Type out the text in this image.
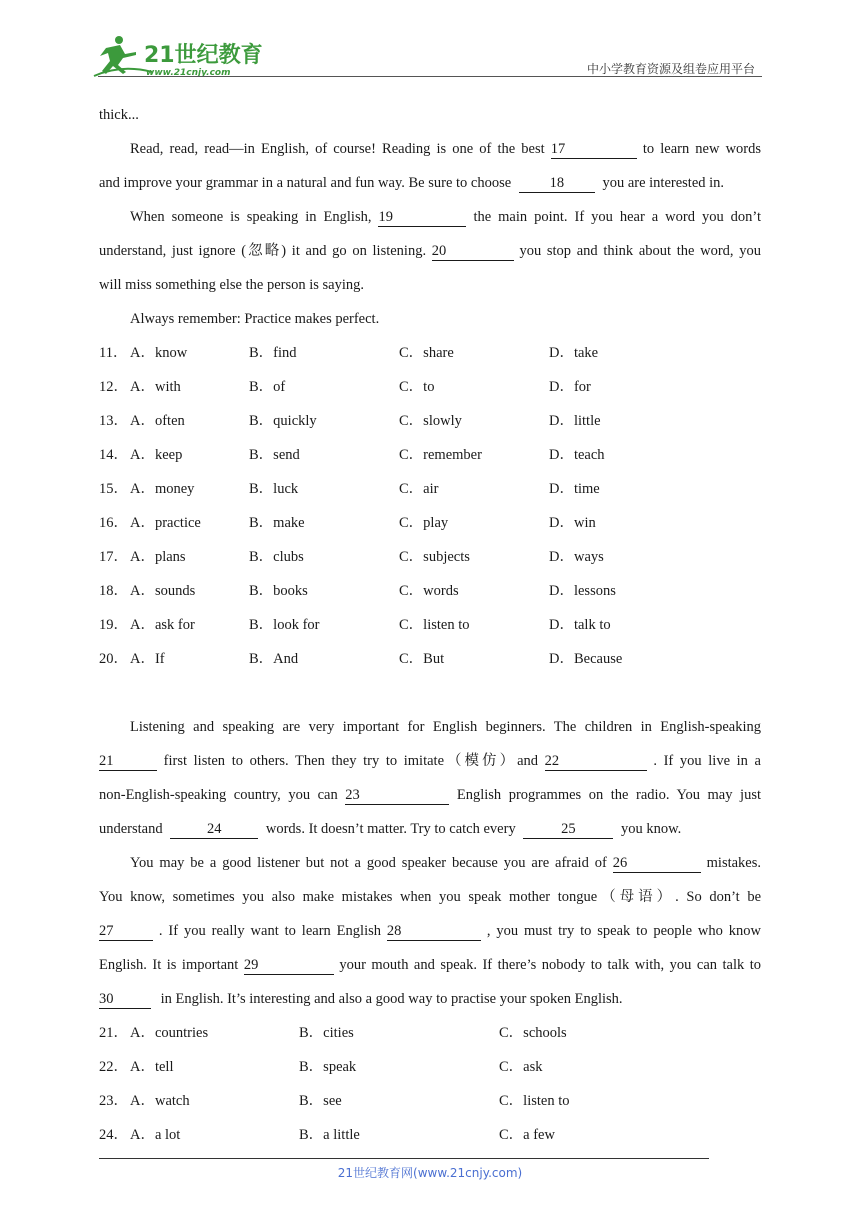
21世纪教育
www.21cnjy.com	中小学教育资源及组卷应用平台
thick...
Read, read, read—in English, of course! Reading is one of the best 17	to learn new words
and improve your grammar in a natural and fun way. Be sure to choose	18	you are interested in.
When someone is speaking in English, 19	the main point. If you hear a word you don’t
understand, just ignore (忽略) it and go on listening. 20	you stop and think about the word, you
will miss something else the person is saying.
Always remember: Practice makes perfect.
11． A．know	B．find	C．share	D．take
12． A．with	B．of	C．to	D．for
13． A．often	B．quickly	C．slowly	D．little
14． A．keep	B．send	C．remember	D．teach
15． A．money	B．luck	C．air	D．time
16． A．practice	B．make	C．play	D．win
17． A．plans	B．clubs	C．subjects	D．ways
18． A．sounds	B．books	C．words	D．lessons
19． A．ask for	B．look for	C．listen to	D．talk to
20． A．If	B．And	C．But	D．Because
Listening and speaking are very important for English beginners. The children in English-speaking
21	first listen to others. Then they try to imitate（模仿）and 22	. If you live in a
non-English-speaking country, you can 23	English programmes on the radio. You may just
understand	24	words. It doesn’t matter. Try to catch every	25	you know.
You may be a good listener but not a good speaker because you are afraid of 26	mistakes.
You know, sometimes you also make mistakes when you speak mother tongue（母语）. So don’t be
27	. If you really want to learn English 28	, you must try to speak to people who know
English. It is important 29	your mouth and speak. If there’s nobody to talk with, you can talk to
30	in English. It’s interesting and also a good way to practise your spoken English.
21． A．countries	B．cities	C．schools
22． A．tell	B．speak	C．ask
23． A．watch	B．see	C．listen to
24． A．a lot	B．a little	C．a few
21世纪教育网(www.21cnjy.com)
